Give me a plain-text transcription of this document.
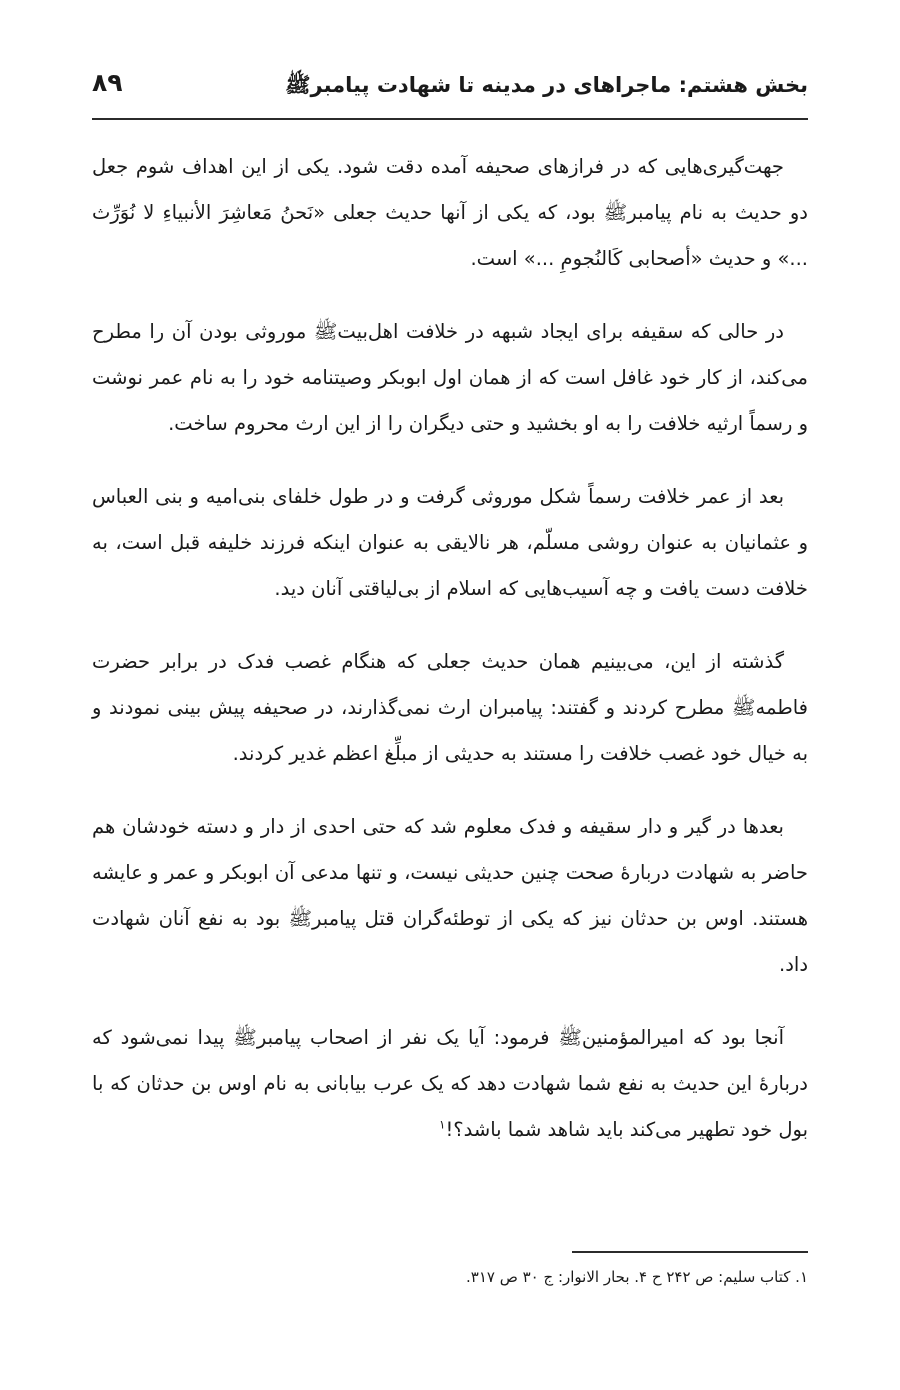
بخش هشتم: ماجراهای در مدینه تا شهادت پیامبرﷺ
۸۹

جهت‌گیری‌هایی که در فرازهای صحیفه آمده دقت شود. یکی از این اهداف شوم جعل دو حدیث به نام پیامبرﷺ بود، که یکی از آنها حدیث جعلی «نَحنُ مَعاشِرَ الأنبیاءِ لا نُوَرِّث ...» و حدیث «أصحابی کَالنُجومِ ...» است.

در حالی که سقیفه برای ایجاد شبهه در خلافت اهل‌بیتﷺ موروثی بودن آن را مطرح می‌کند، از کار خود غافل است که از همان اول ابوبکر وصیتنامه خود را به نام عمر نوشت و رسماً ارثیه خلافت را به او بخشید و حتی دیگران را از این ارث محروم ساخت.

بعد از عمر خلافت رسماً شکل موروثی گرفت و در طول خلفای بنی‌امیه و بنی العباس و عثمانیان به عنوان روشی مسلّم، هر نالایقی به عنوان اینکه فرزند خلیفه قبل است، به خلافت دست یافت و چه آسیب‌هایی که اسلام از بی‌لیاقتی آنان دید.

گذشته از این، می‌بینیم همان حدیث جعلی که هنگام غصب فدک در برابر حضرت فاطمهﷺ مطرح کردند و گفتند: پیامبران ارث نمی‌گذارند، در صحیفه پیش بینی نمودند و به خیال خود غصب خلافت را مستند به حدیثی از مبلِّغ اعظم غدیر کردند.

بعدها در گیر و دار سقیفه و فدک معلوم شد که حتی احدی از دار و دسته خودشان هم حاضر به شهادت دربارۀ صحت چنین حدیثی نیست، و تنها مدعی آن ابوبکر و عمر و عایشه هستند. اوس بن حدثان نیز که یکی از توطئه‌گران قتل پیامبرﷺ بود به نفع آنان شهادت داد.

آنجا بود که امیرالمؤمنینﷺ فرمود: آیا یک نفر از اصحاب پیامبرﷺ پیدا نمی‌شود که دربارۀ این حدیث به نفع شما شهادت دهد که یک عرب بیابانی به نام اوس بن حدثان که با بول خود تطهیر می‌کند باید شاهد شما باشد؟!$^۱$

۱. کتاب سلیم: ص ۲۴۲ ح ۴. بحار الانوار: ج ۳۰ ص ۳۱۷.
